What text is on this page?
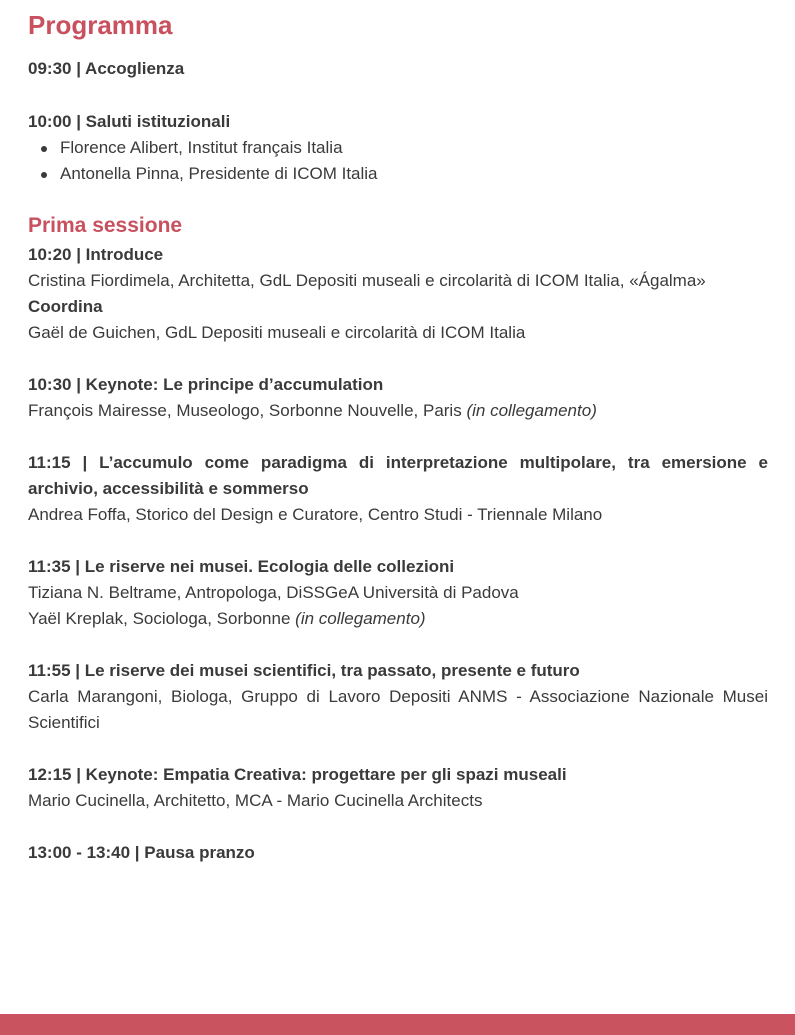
Programma
09:30 | Accoglienza
10:00 | Saluti istituzionali
Florence Alibert, Institut français Italia
Antonella Pinna, Presidente di ICOM Italia
Prima sessione
10:20 | Introduce
Cristina Fiordimela, Architetta, GdL Depositi museali e circolarità di ICOM Italia, «Ágalma»
Coordina
Gaël de Guichen, GdL Depositi museali e circolarità di ICOM Italia
10:30 | Keynote: Le principe d’accumulation
François Mairesse, Museologo, Sorbonne Nouvelle, Paris (in collegamento)
11:15 | L’accumulo come paradigma di interpretazione multipolare, tra emersione e archivio, accessibilità e sommerso
Andrea Foffa, Storico del Design e Curatore, Centro Studi - Triennale Milano
11:35 | Le riserve nei musei. Ecologia delle collezioni
Tiziana N. Beltrame, Antropologa, DiSSGeA Università di Padova
Yaël Kreplak, Sociologa, Sorbonne (in collegamento)
11:55 | Le riserve dei musei scientifici, tra passato, presente e futuro
Carla Marangoni, Biologa, Gruppo di Lavoro Depositi ANMS - Associazione Nazionale Musei Scientifici
12:15 | Keynote: Empatia Creativa: progettare per gli spazi museali
Mario Cucinella, Architetto, MCA - Mario Cucinella Architects
13:00 - 13:40 | Pausa pranzo
